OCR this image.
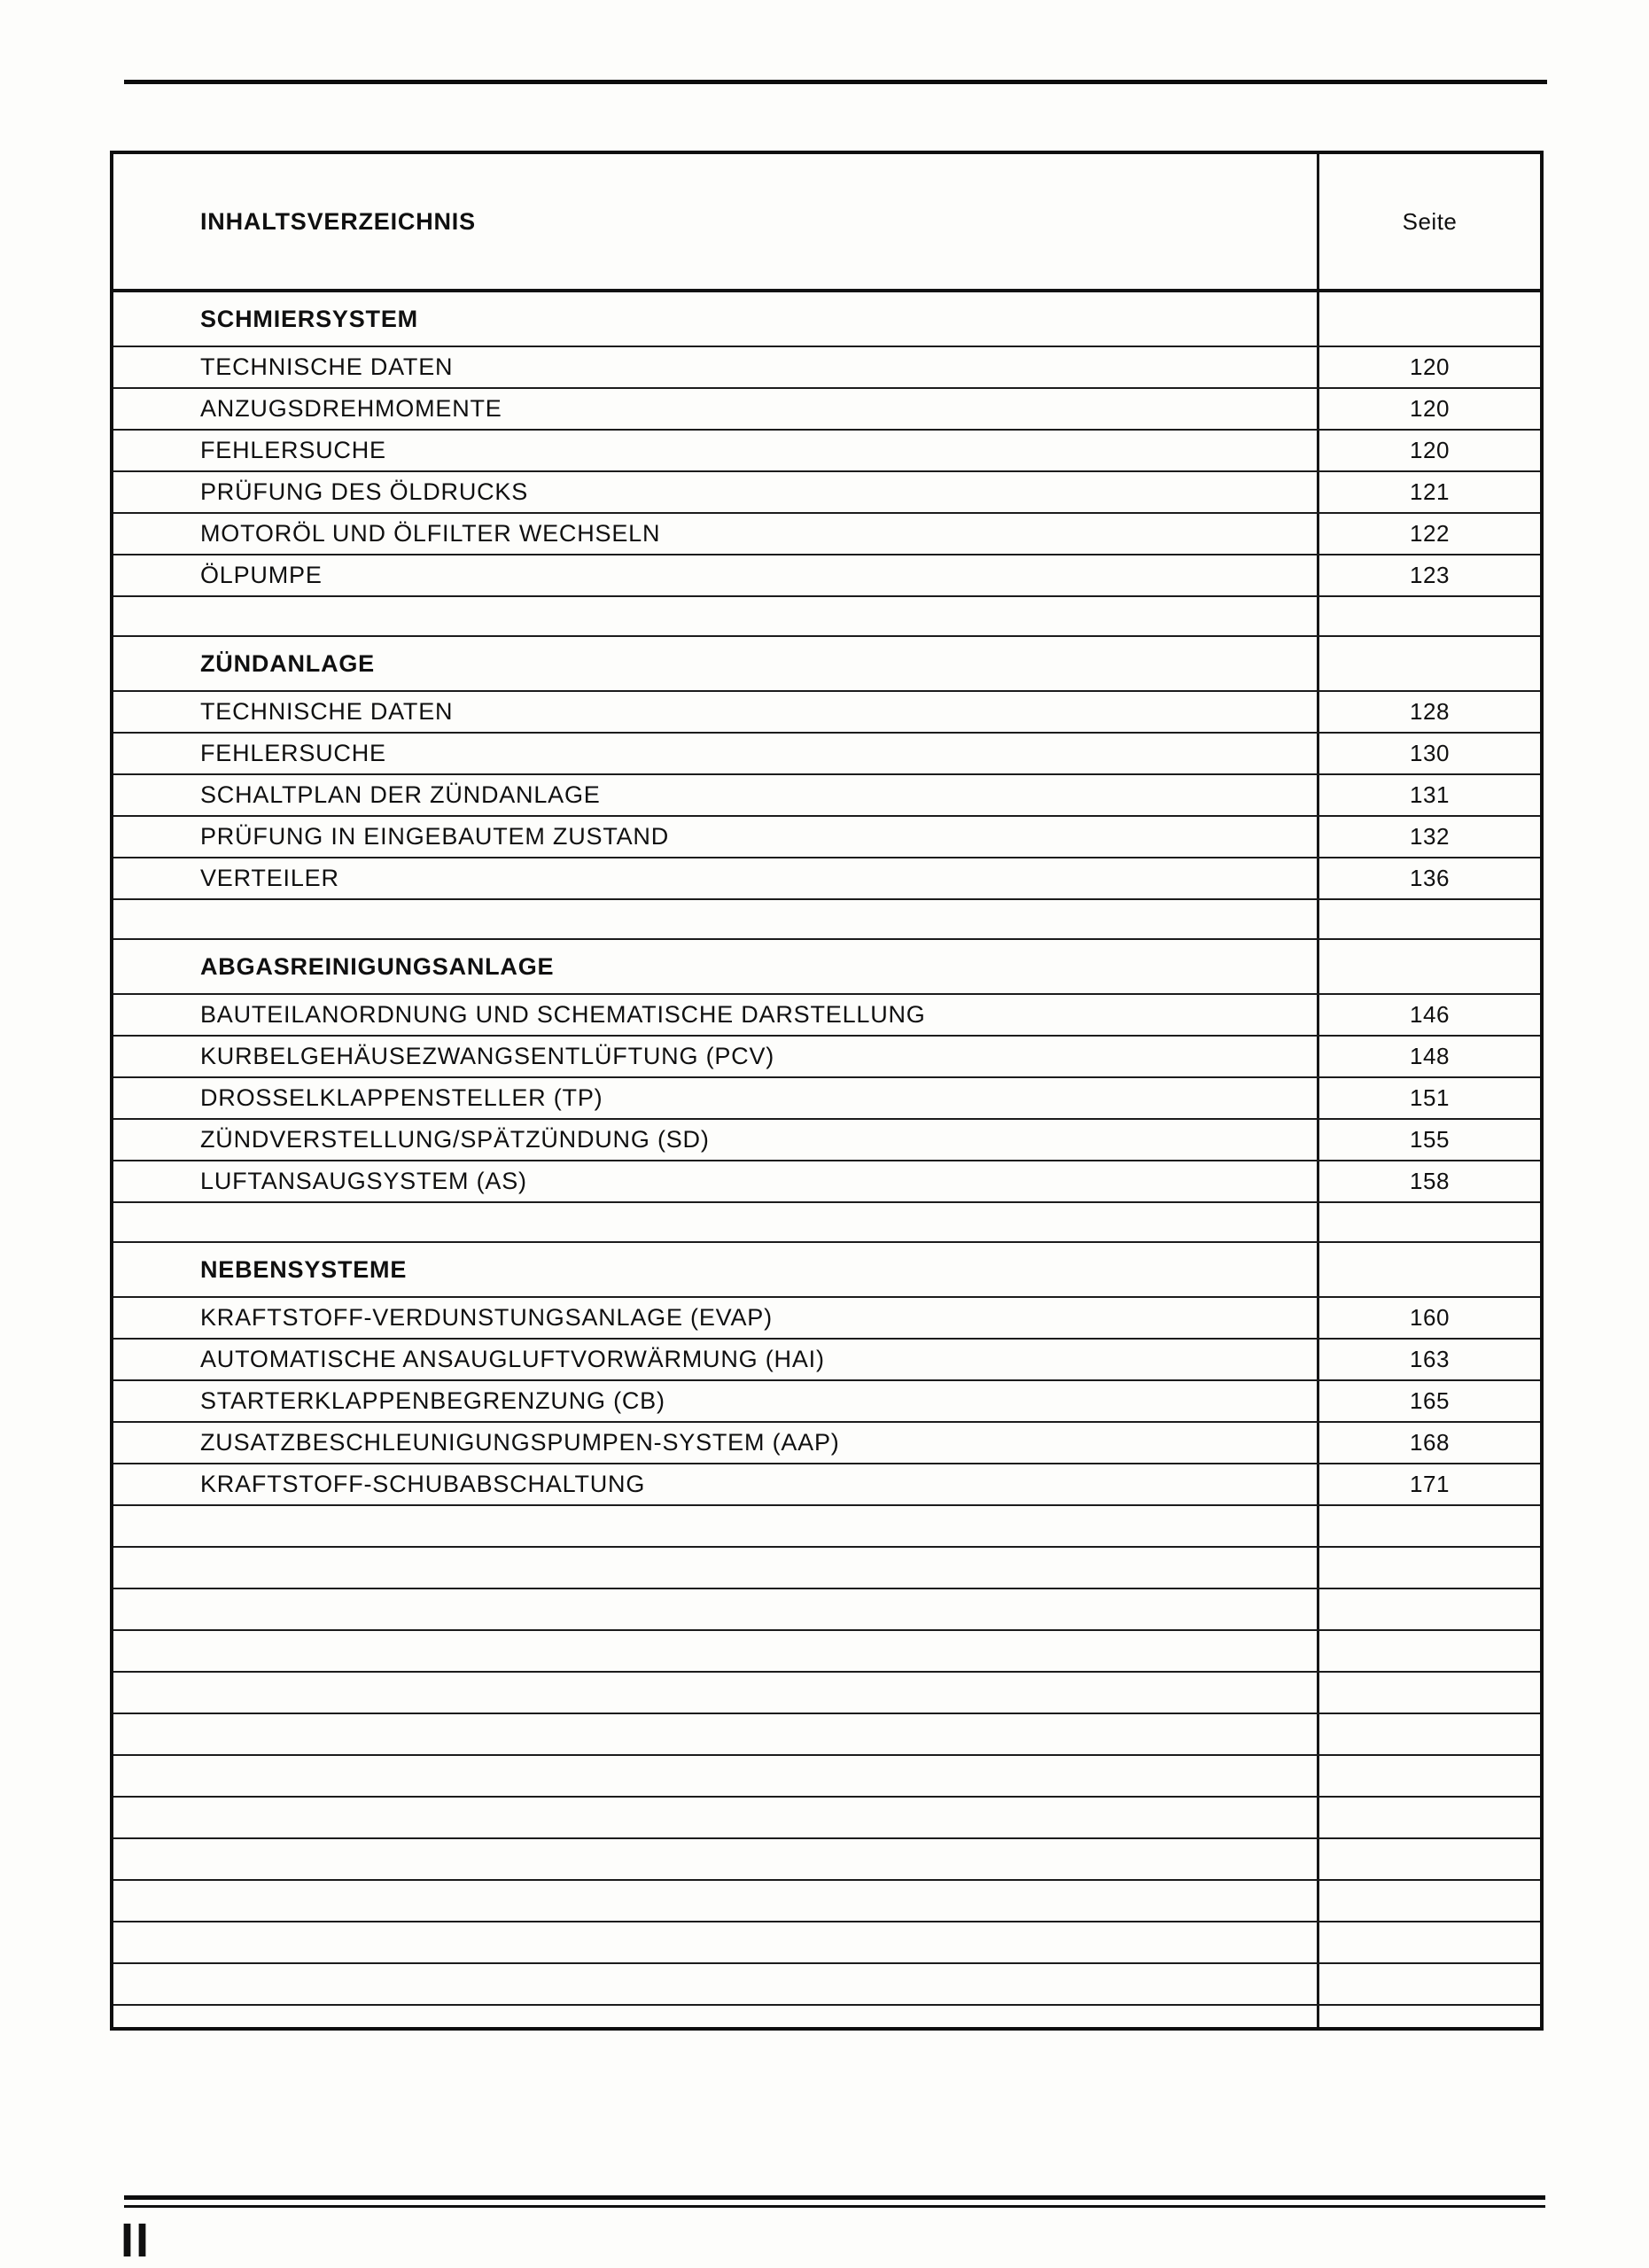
INHALTSVERZEICHNIS	Seite
SCHMIERSYSTEM
TECHNISCHE DATEN	120
ANZUGSDREHMOMENTE	120
FEHLERSUCHE	120
PRÜFUNG DES ÖLDRUCKS	121
MOTORÖL UND ÖLFILTER WECHSELN	122
ÖLPUMPE	123
ZÜNDANLAGE
TECHNISCHE DATEN	128
FEHLERSUCHE	130
SCHALTPLAN DER ZÜNDANLAGE	131
PRÜFUNG IN EINGEBAUTEM ZUSTAND	132
VERTEILER	136
ABGASREINIGUNGSANLAGE
BAUTEILANORDNUNG UND SCHEMATISCHE DARSTELLUNG	146
KURBELGEHÄUSEZWANGSENTLÜFTUNG (PCV)	148
DROSSELKLAPPENSTELLER (TP)	151
ZÜNDVERSTELLUNG/SPÄTZÜNDUNG (SD)	155
LUFTANSAUGSYSTEM (AS)	158
NEBENSYSTEME
KRAFTSTOFF-VERDUNSTUNGSANLAGE (EVAP)	160
AUTOMATISCHE ANSAUGLUFTVORWÄRMUNG (HAI)	163
STARTERKLAPPENBEGRENZUNG (CB)	165
ZUSATZBESCHLEUNIGUNGSPUMPEN-SYSTEM (AAP)	168
KRAFTSTOFF-SCHUBABSCHALTUNG	171
II
